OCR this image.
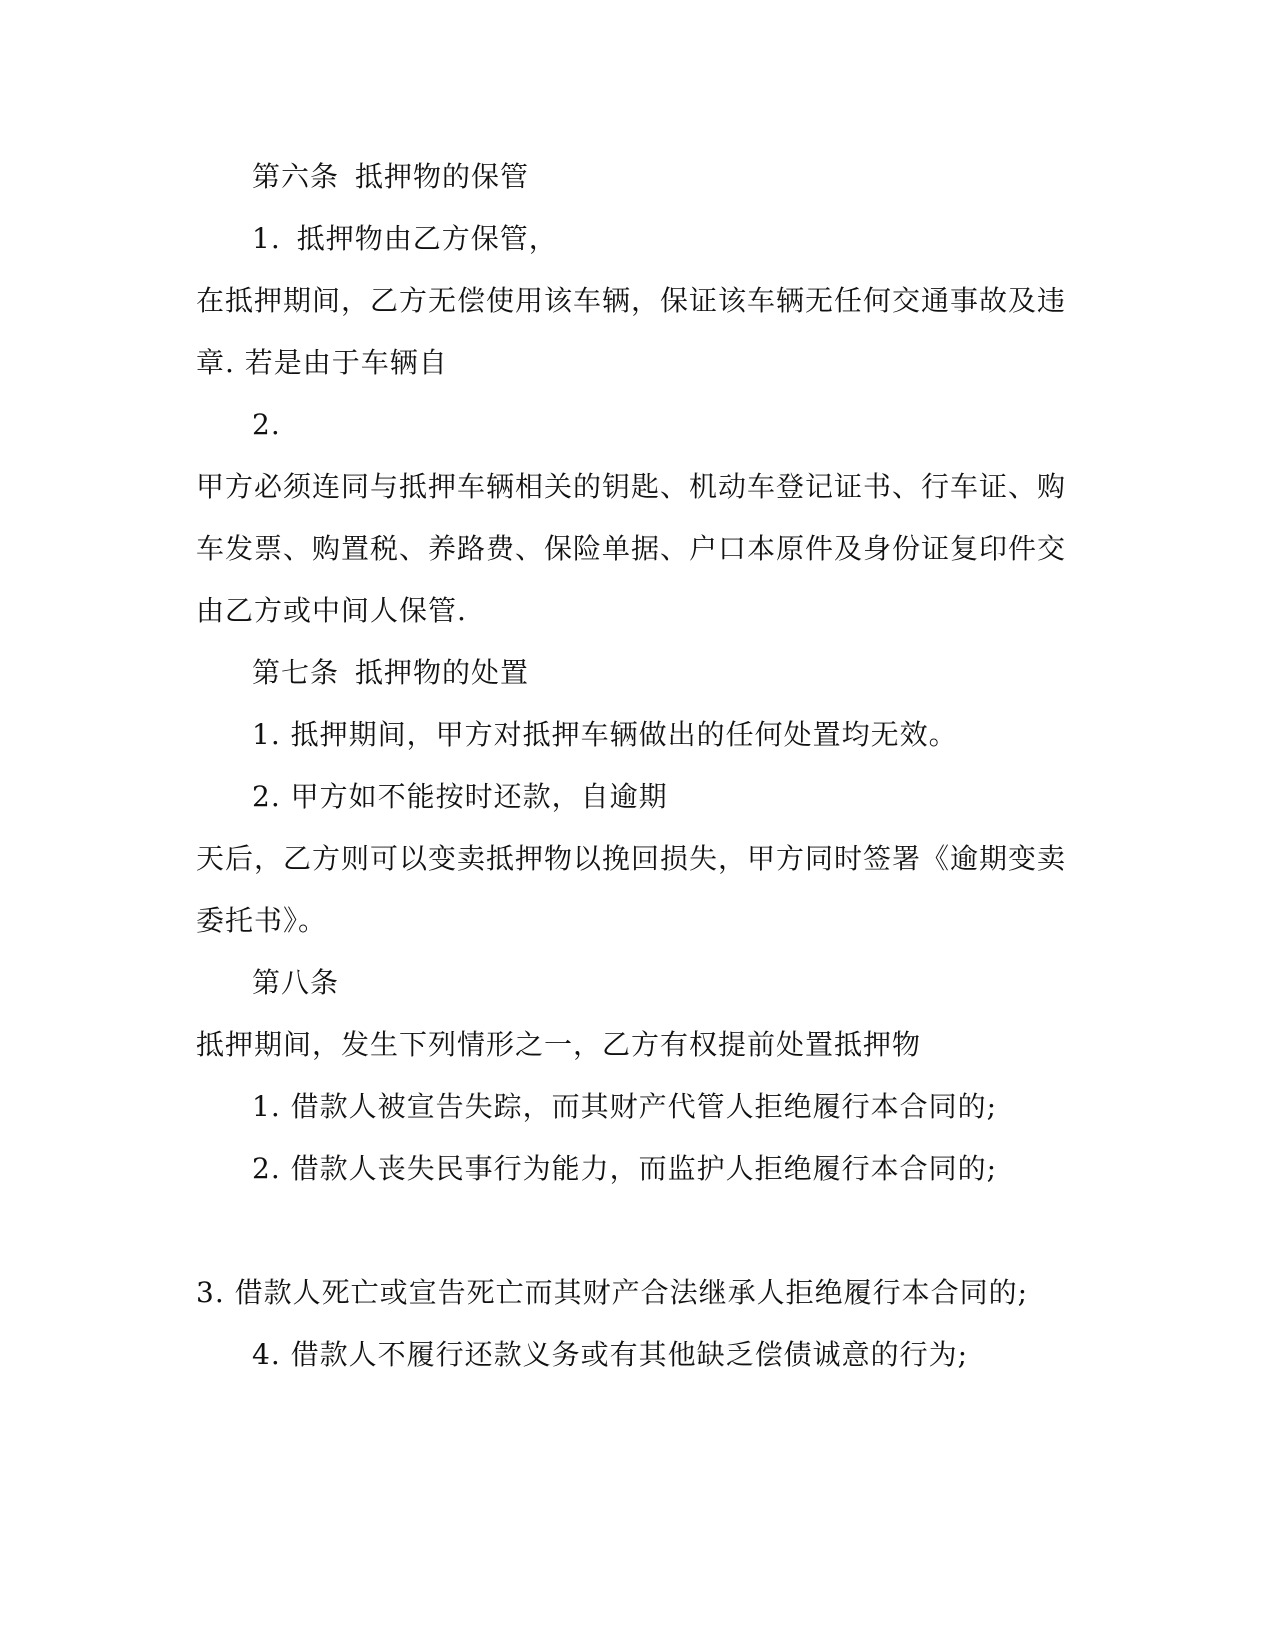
第六条 抵押物的保管
1. 抵押物由乙方保管，
在抵押期间，乙方无偿使用该车辆，保证该车辆无任何交通事故及违
章. 若是由于车辆自
2.
甲方必须连同与抵押车辆相关的钥匙、机动车登记证书、行车证、购
车发票、购置税、养路费、保险单据、户口本原件及身份证复印件交
由乙方或中间人保管.
第七条 抵押物的处置
1. 抵押期间，甲方对抵押车辆做出的任何处置均无效。
2. 甲方如不能按时还款，自逾期
天后，乙方则可以变卖抵押物以挽回损失，甲方同时签署《逾期变卖
委托书》。
第八条
抵押期间，发生下列情形之一，乙方有权提前处置抵押物
1. 借款人被宣告失踪，而其财产代管人拒绝履行本合同的;
2. 借款人丧失民事行为能力，而监护人拒绝履行本合同的;
3. 借款人死亡或宣告死亡而其财产合法继承人拒绝履行本合同的;
4. 借款人不履行还款义务或有其他缺乏偿债诚意的行为;
